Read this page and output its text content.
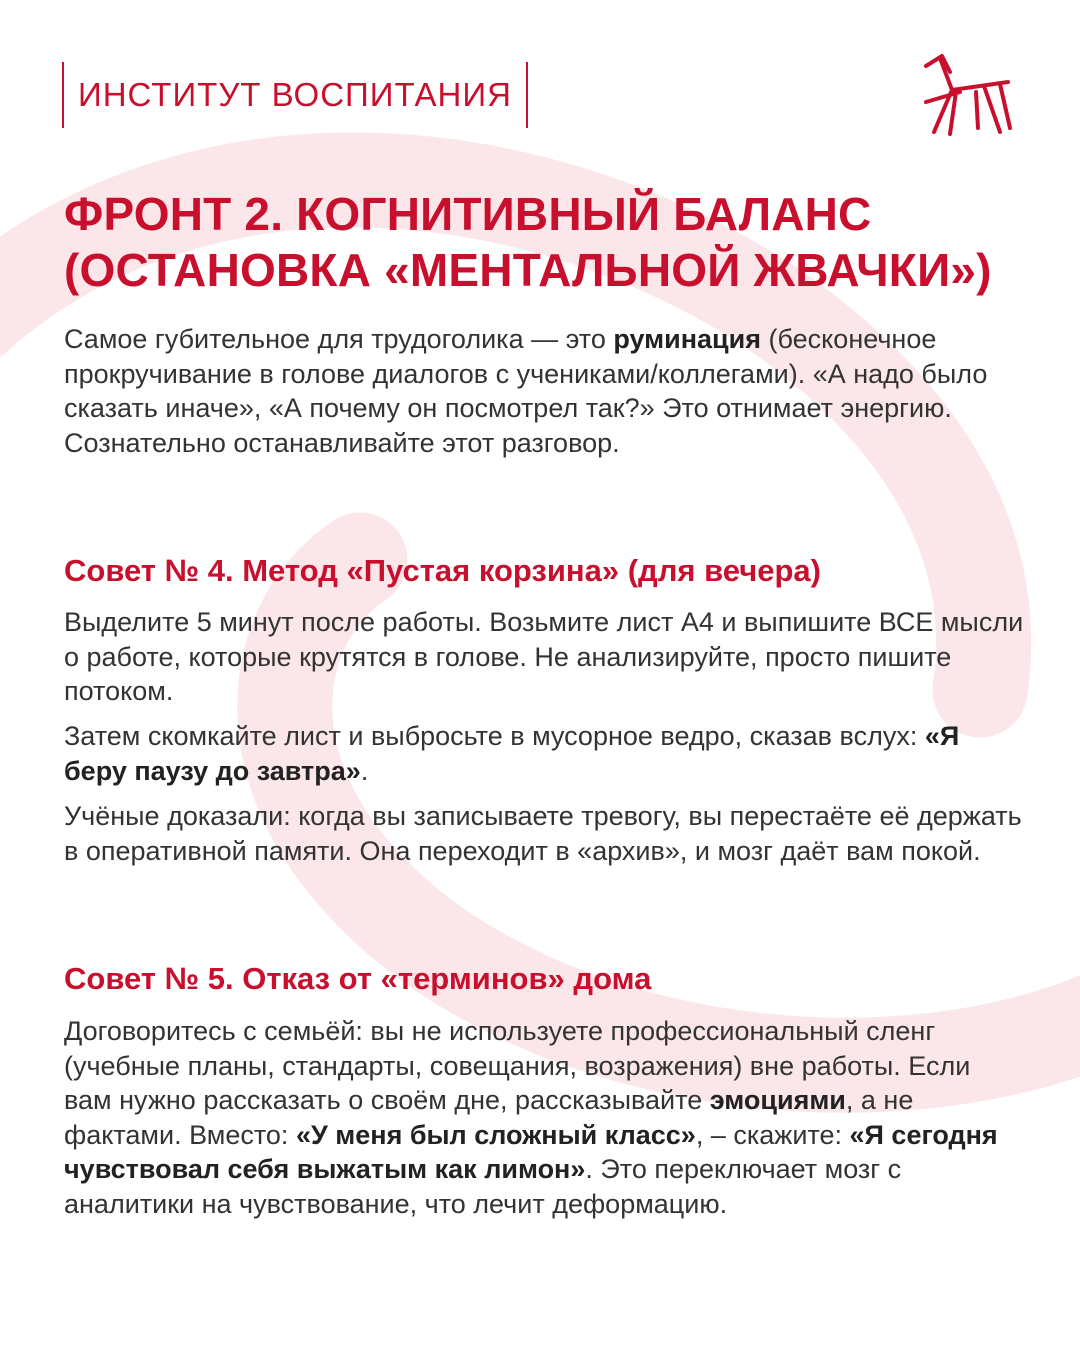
ИНСТИТУТ ВОСПИТАНИЯ
ФРОНТ 2. КОГНИТИВНЫЙ БАЛАНС
(ОСТАНОВКА «МЕНТАЛЬНОЙ ЖВАЧКИ»)

Самое губительное для трудоголика — это руминация (бесконечное прокручивание в голове диалогов с учениками/коллегами). «А надо было сказать иначе», «А почему он посмотрел так?» Это отнимает энергию. Сознательно останавливайте этот разговор.

Совет № 4. Метод «Пустая корзина» (для вечера)

Выделите 5 минут после работы. Возьмите лист А4 и выпишите ВСЕ мысли о работе, которые крутятся в голове. Не анализируйте, просто пишите потоком.

Затем скомкайте лист и выбросьте в мусорное ведро, сказав вслух: «Я беру паузу до завтра».

Учёные доказали: когда вы записываете тревогу, вы перестаёте её держать в оперативной памяти. Она переходит в «архив», и мозг даёт вам покой.

Совет № 5. Отказ от «терминов» дома

Договоритесь с семьёй: вы не используете профессиональный сленг (учебные планы, стандарты, совещания, возражения) вне работы. Если вам нужно рассказать о своём дне, рассказывайте эмоциями, а не фактами. Вместо: «У меня был сложный класс», – скажите: «Я сегодня чувствовал себя выжатым как лимон». Это переключает мозг с аналитики на чувствование, что лечит деформацию.
